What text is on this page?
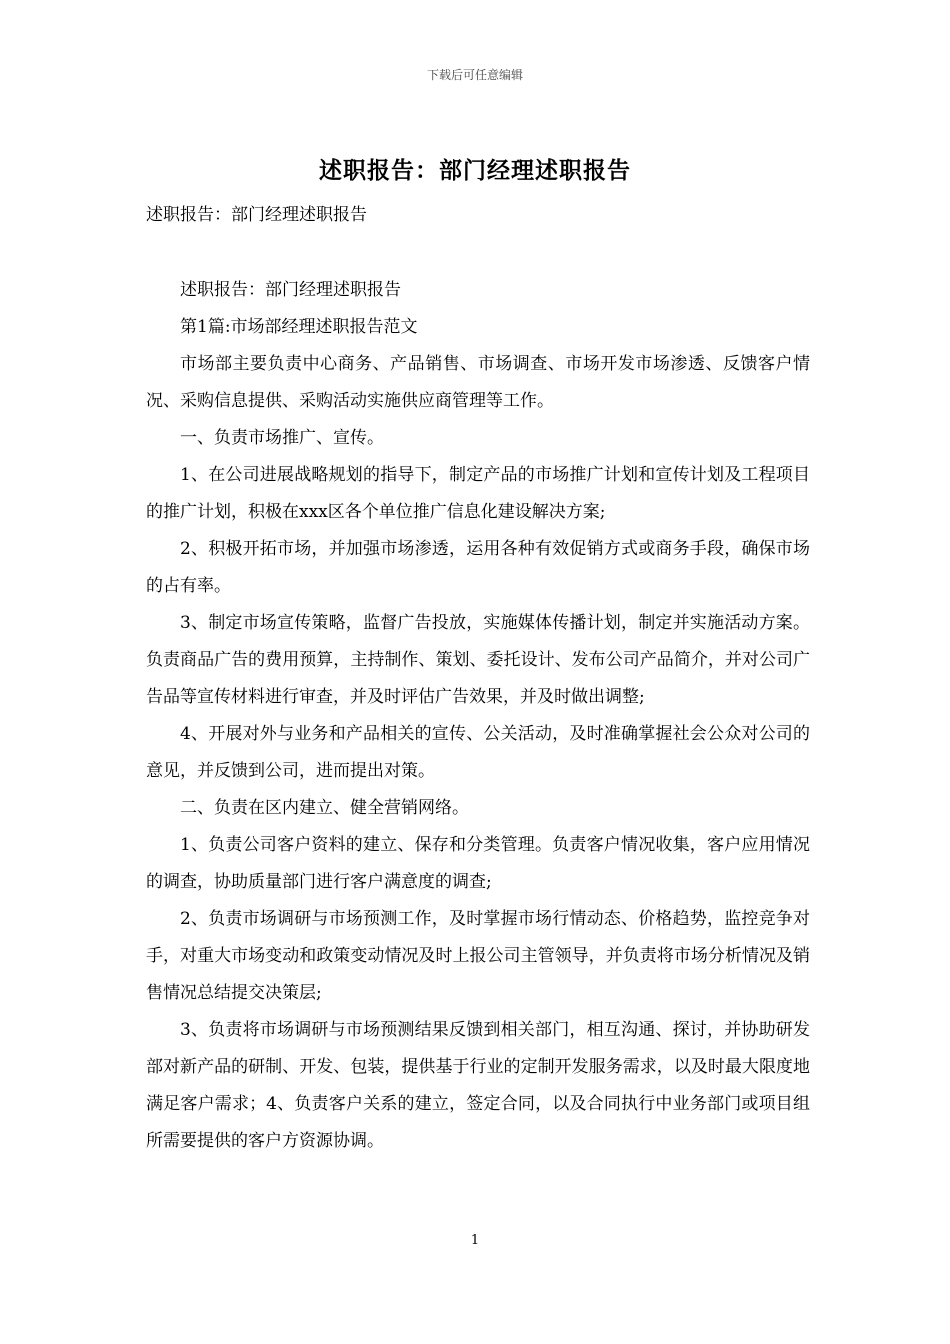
下载后可任意编辑
述职报告：部门经理述职报告
述职报告：部门经理述职报告

述职报告：部门经理述职报告

第1篇:市场部经理述职报告范文

市场部主要负责中心商务、产品销售、市场调查、市场开发市场渗透、反馈客户情况、采购信息提供、采购活动实施供应商管理等工作。

一、负责市场推广、宣传。

1、在公司进展战略规划的指导下，制定产品的市场推广计划和宣传计划及工程项目的推广计划，积极在xxx区各个单位推广信息化建设解决方案;

2、积极开拓市场，并加强市场渗透，运用各种有效促销方式或商务手段，确保市场的占有率。

3、制定市场宣传策略，监督广告投放，实施媒体传播计划，制定并实施活动方案。负责商品广告的费用预算，主持制作、策划、委托设计、发布公司产品简介，并对公司广告品等宣传材料进行审查，并及时评估广告效果，并及时做出调整;

4、开展对外与业务和产品相关的宣传、公关活动，及时准确掌握社会公众对公司的意见，并反馈到公司，进而提出对策。

二、负责在区内建立、健全营销网络。

1、负责公司客户资料的建立、保存和分类管理。负责客户情况收集，客户应用情况的调查，协助质量部门进行客户满意度的调查;

2、负责市场调研与市场预测工作，及时掌握市场行情动态、价格趋势，监控竞争对手，对重大市场变动和政策变动情况及时上报公司主管领导，并负责将市场分析情况及销售情况总结提交决策层;

3、负责将市场调研与市场预测结果反馈到相关部门，相互沟通、探讨，并协助研发部对新产品的研制、开发、包装，提供基于行业的定制开发服务需求，以及时最大限度地满足客户需求；4、负责客户关系的建立，签定合同，以及合同执行中业务部门或项目组所需要提供的客户方资源协调。

1
